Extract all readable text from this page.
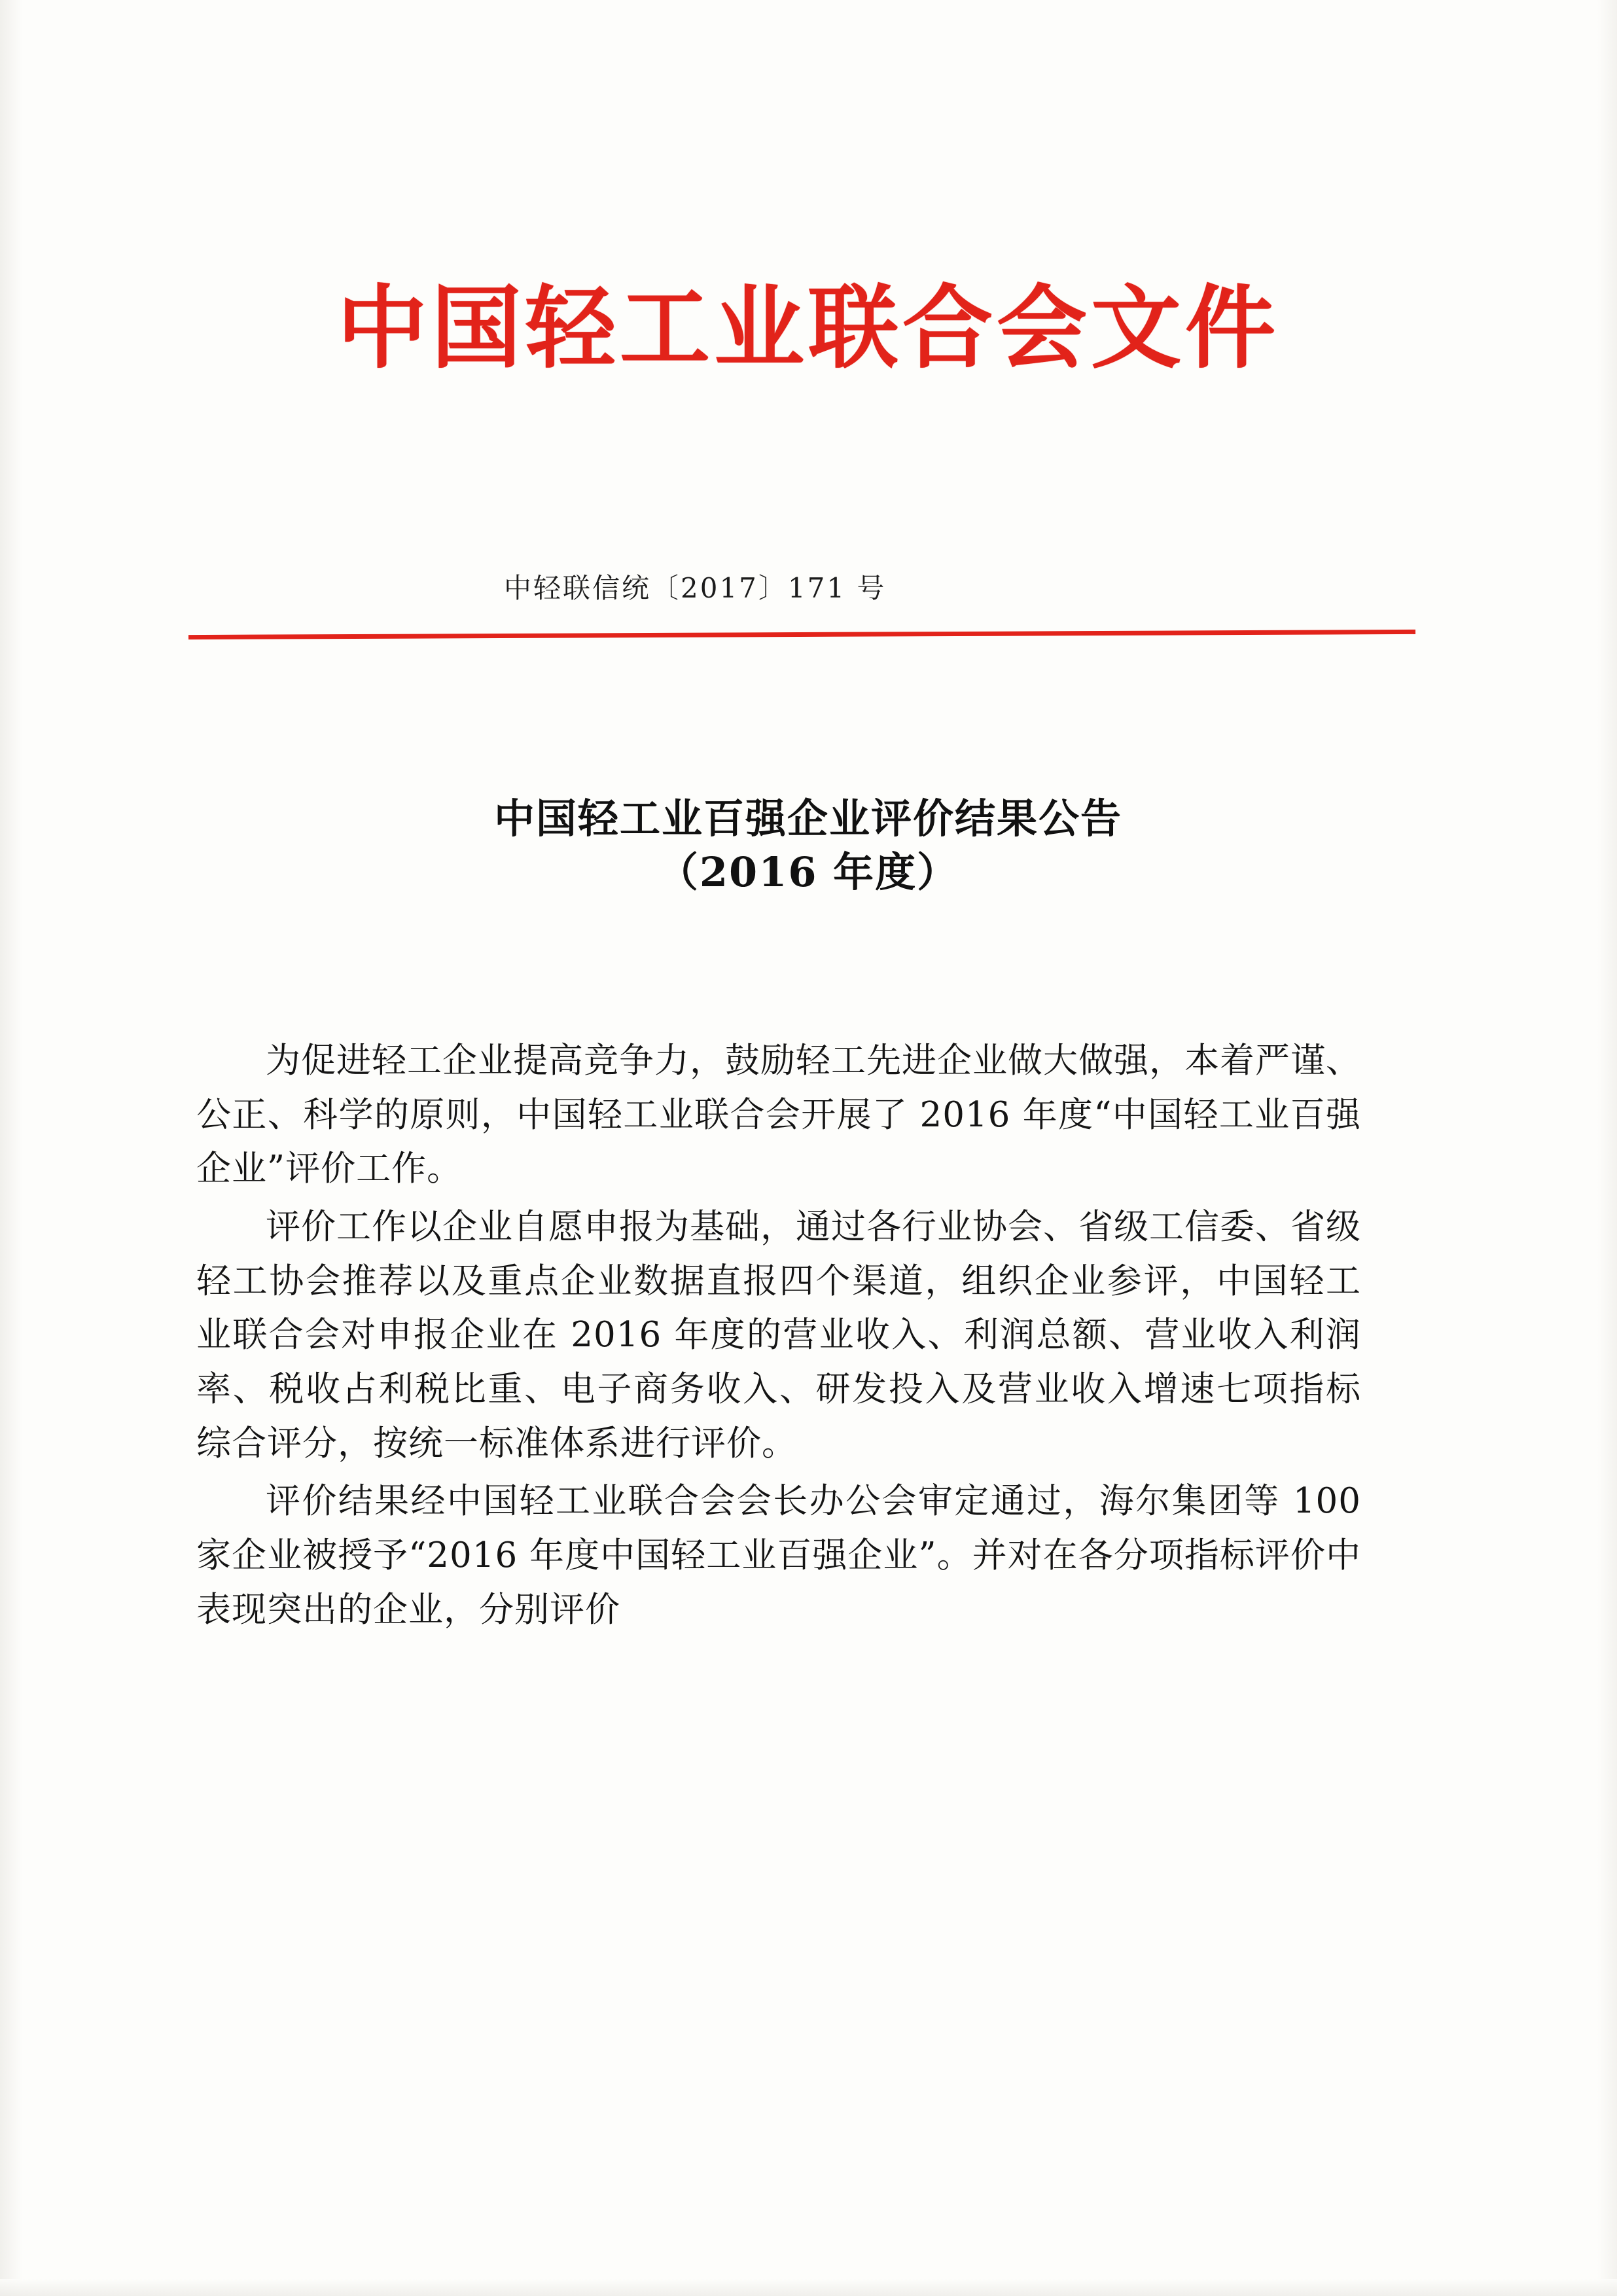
中国轻工业联合会文件
中轻联信统〔2017〕171 号
中国轻工业百强企业评价结果公告
（2016 年度）

为促进轻工企业提高竞争力，鼓励轻工先进企业做大做强，本着严谨、公正、科学的原则，中国轻工业联合会开展了 2016 年度“中国轻工业百强企业”评价工作。

评价工作以企业自愿申报为基础，通过各行业协会、省级工信委、省级轻工协会推荐以及重点企业数据直报四个渠道，组织企业参评，中国轻工业联合会对申报企业在 2016 年度的营业收入、利润总额、营业收入利润率、税收占利税比重、电子商务收入、研发投入及营业收入增速七项指标综合评分，按统一标准体系进行评价。

评价结果经中国轻工业联合会会长办公会审定通过，海尔集团等 100 家企业被授予“2016 年度中国轻工业百强企业”。并对在各分项指标评价中表现突出的企业，分别评价
